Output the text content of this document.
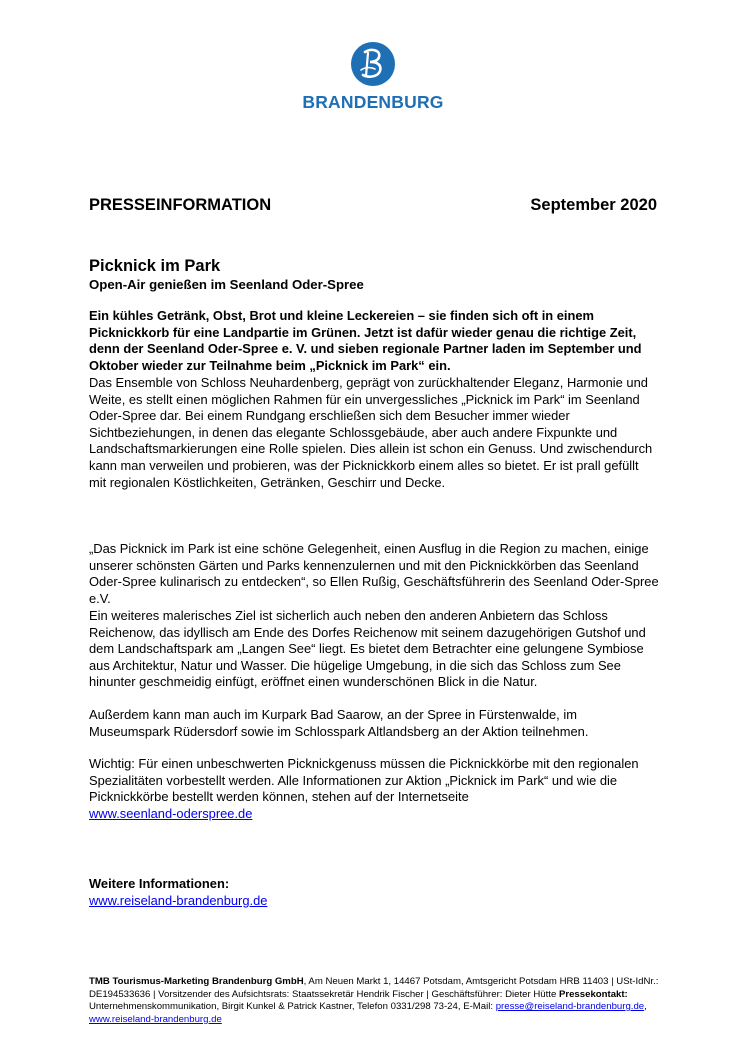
BRANDENBURG
PRESSEINFORMATION	September 2020
Picknick im Park
Open-Air genießen im Seenland Oder-Spree

Ein kühles Getränk, Obst, Brot und kleine Leckereien – sie finden sich oft in einem Picknickkorb für eine Landpartie im Grünen. Jetzt ist dafür wieder genau die richtige Zeit, denn der Seenland Oder-Spree e. V. und sieben regionale Partner laden im September und Oktober wieder zur Teilnahme beim „Picknick im Park“ ein.

Das Ensemble von Schloss Neuhardenberg, geprägt von zurückhaltender Eleganz, Harmonie und Weite, es stellt einen möglichen Rahmen für ein unvergessliches „Picknick im Park“ im Seenland Oder-Spree dar. Bei einem Rundgang erschließen sich dem Besucher immer wieder Sichtbeziehungen, in denen das elegante Schlossgebäude, aber auch andere Fixpunkte und Landschaftsmarkierungen eine Rolle spielen. Dies allein ist schon ein Genuss. Und zwischendurch kann man verweilen und probieren, was der Picknickkorb einem alles so bietet. Er ist prall gefüllt mit regionalen Köstlichkeiten, Getränken, Geschirr und Decke.

„Das Picknick im Park ist eine schöne Gelegenheit, einen Ausflug in die Region zu machen, einige unserer schönsten Gärten und Parks kennenzulernen und mit den Picknickkörben das Seenland Oder-Spree kulinarisch zu entdecken“, so Ellen Rußig, Geschäftsführerin des Seenland Oder-Spree e.V.

Ein weiteres malerisches Ziel ist sicherlich auch neben den anderen Anbietern das Schloss Reichenow, das idyllisch am Ende des Dorfes Reichenow mit seinem dazugehörigen Gutshof und dem Landschaftspark am „Langen See“ liegt. Es bietet dem Betrachter eine gelungene Symbiose aus Architektur, Natur und Wasser. Die hügelige Umgebung, in die sich das Schloss zum See hinunter geschmeidig einfügt, eröffnet einen wunderschönen Blick in die Natur.

Außerdem kann man auch im Kurpark Bad Saarow, an der Spree in Fürstenwalde, im Museumspark Rüdersdorf sowie im Schlosspark Altlandsberg an der Aktion teilnehmen.

Wichtig: Für einen unbeschwerten Picknickgenuss müssen die Picknickkörbe mit den regionalen Spezialitäten vorbestellt werden. Alle Informationen zur Aktion „Picknick im Park“ und wie die Picknickkörbe bestellt werden können, stehen auf der Internetseite
www.seenland-oderspree.de

Weitere Informationen:
www.reiseland-brandenburg.de
TMB Tourismus-Marketing Brandenburg GmbH, Am Neuen Markt 1, 14467 Potsdam, Amtsgericht Potsdam HRB 11403 | USt-IdNr.: DE194533636 | Vorsitzender des Aufsichtsrats: Staatssekretär Hendrik Fischer | Geschäftsführer: Dieter Hütte Pressekontakt: Unternehmenskommunikation, Birgit Kunkel & Patrick Kastner, Telefon 0331/298 73-24, E-Mail: presse@reiseland-brandenburg.de, www.reiseland-brandenburg.de
